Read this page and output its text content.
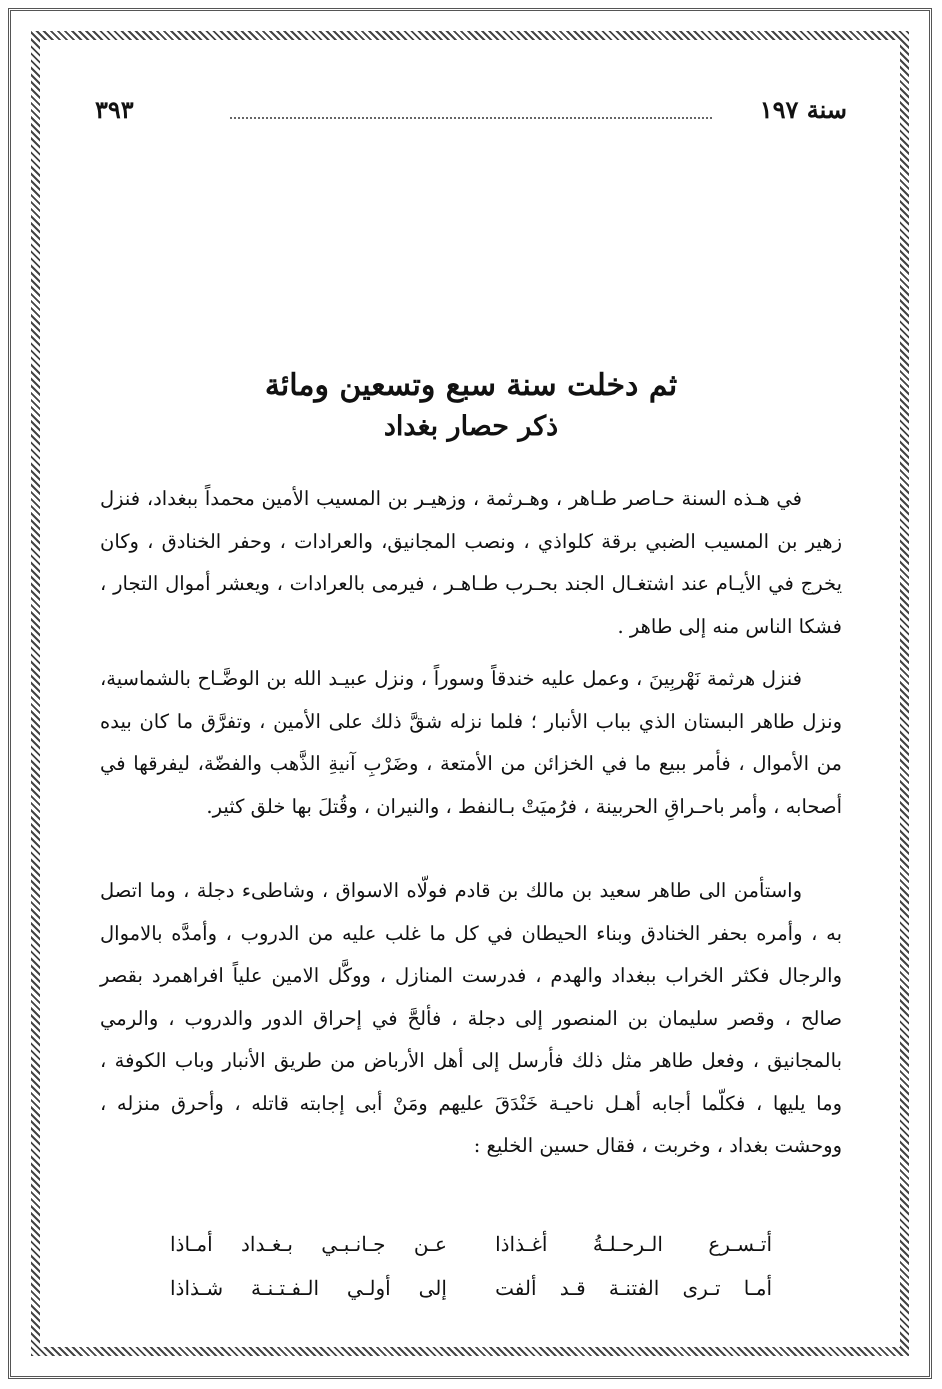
سنة ١٩٧
٣٩٣
ثم دخلت سنة سبع وتسعين ومائة
ذكر حصار بغداد

في هـذه السنة حـاصر طـاهر ، وهـرثمة ، وزهيـر بن المسيب الأمين محمداً ببغداد، فنزل زهير بن المسيب الضبي برقة كلواذي ، ونصب المجانيق، والعرادات ، وحفر الخنادق ، وكان يخرج في الأيـام عند اشتغـال الجند بحـرب طـاهـر ، فيرمى بالعرادات ، ويعشر أموال التجار ، فشكا الناس منه إلى طاهر .

فنزل هرثمة نَهْربِينَ ، وعمل عليه خندقاً وسوراً ، ونزل عبيـد الله بن الوضَّـاح بالشماسية، ونزل طاهر البستان الذي بباب الأنبار ؛ فلما نزله شقَّ ذلك على الأمين ، وتفرَّق ما كان بيده من الأموال ، فأمر ببيع ما في الخزائن من الأمتعة ، وضَرْبِ آنيةِ الذَّهب والفضّة، ليفرقها في أصحابه ، وأمر باحـراقِ الحربينة ، فرُميَتْ بـالنفط ، والنيران ، وقُتلَ بها خلق كثير.

واستأمن الى طاهر سعيد بن مالك بن قادم فولّاه الاسواق ، وشاطىء دجلة ، وما اتصل به ، وأمره بحفر الخنادق وبناء الحيطان في كل ما غلب عليه من الدروب ، وأمدَّه بالاموال والرجال فكثر الخراب ببغداد والهدم ، فدرست المنازل ، ووكَّل الامين علياً افراهمرد بقصر صالح ، وقصر سليمان بن المنصور إلى دجلة ، فألحَّ في إحراق الدور والدروب ، والرمي بالمجانيق ، وفعل طاهر مثل ذلك فأرسل إلى أهل الأرباض من طريق الأنبار وباب الكوفة ، وما يليها ، فكلّما أجابه أهـل ناحيـة خَنْدَقَ عليهم ومَنْ أبى إجابته قاتله ، وأحرق منزله ، ووحشت بغداد ، وخربت ، فقال حسين الخليع :

أتـسـرع الـرحـلـةُ أغـذاذا
عـن جـانـبـي بـغـداد أمـاذا
أمـا تـرى الفتنـة قـد ألفت
إلى أولـي الـفـتـنـة شـذاذا
